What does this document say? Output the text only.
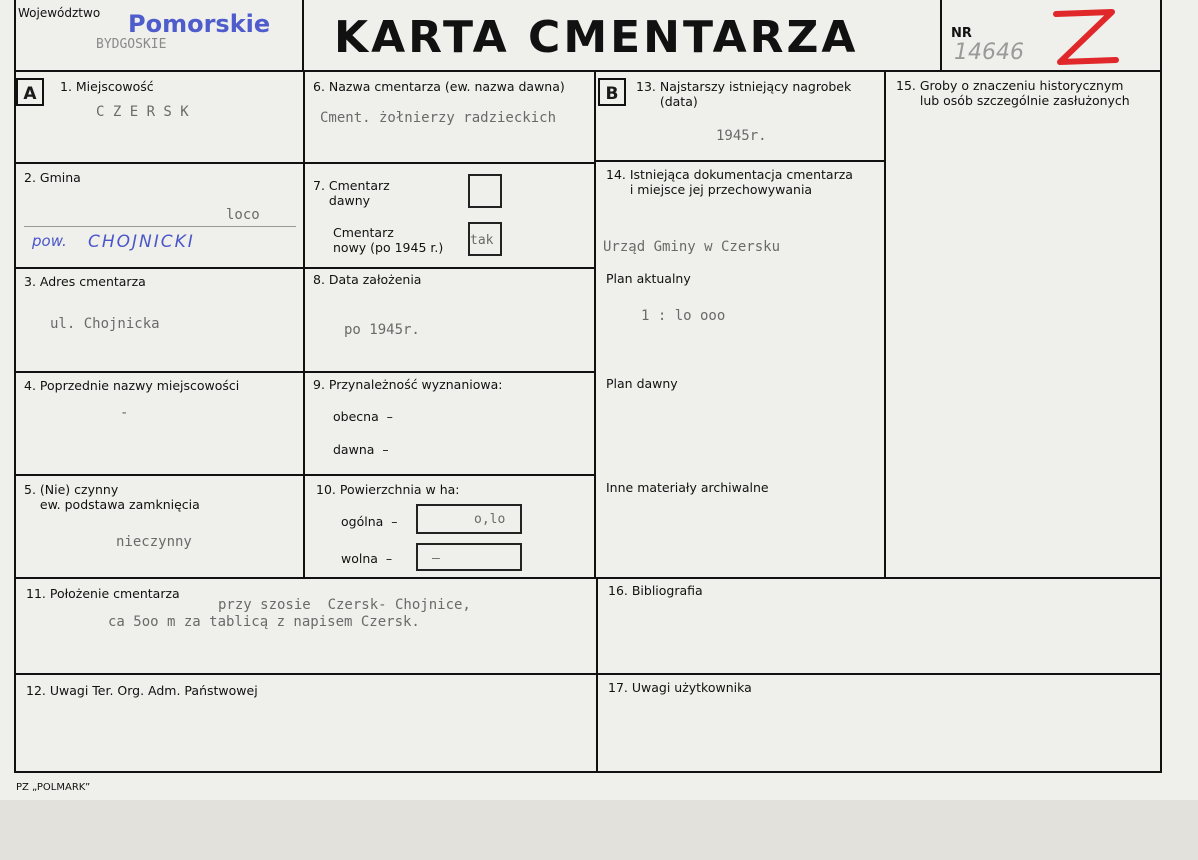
Województwo Pomorskie
BYDGOSKIE	KARTA CMENTARZA	NR
14646
A	1. Miejscowość
C Z E R S K
2. Gmina
loco
pow. CHOJNICKI
3. Adres cmentarza
ul. Chojnicka
4. Poprzednie nazwy miejscowości
-
5. (Nie) czynny
ew. podstawa zamknięcia
nieczynny
6. Nazwa cmentarza (ew. nazwa dawna)
Cment. żołnierzy radzieckich
7. Cmentarz
dawny
Cmentarz
nowy (po 1945 r.) tak
8. Data założenia
po 1945r.
9. Przynależność wyznaniowa:
obecna  –
dawna  –
10. Powierzchnia w ha:
ogólna  –	o,lo
wolna  –	–
B	13. Najstarszy istniejący nagrobek
(data)
1945r.
14. Istniejąca dokumentacja cmentarza
i miejsce jej przechowywania
Urząd Gminy w Czersku
Plan aktualny
1 : lo ooo
Plan dawny
Inne materiały archiwalne
15. Groby o znaczeniu historycznym
lub osób szczególnie zasłużonych
11. Położenie cmentarza
przy szosie  Czersk- Chojnice,
ca 5oo m za tablicą z napisem Czersk.
16. Bibliografia
12. Uwagi Ter. Org. Adm. Państwowej	17. Uwagi użytkownika
PZ „POLMARK”
